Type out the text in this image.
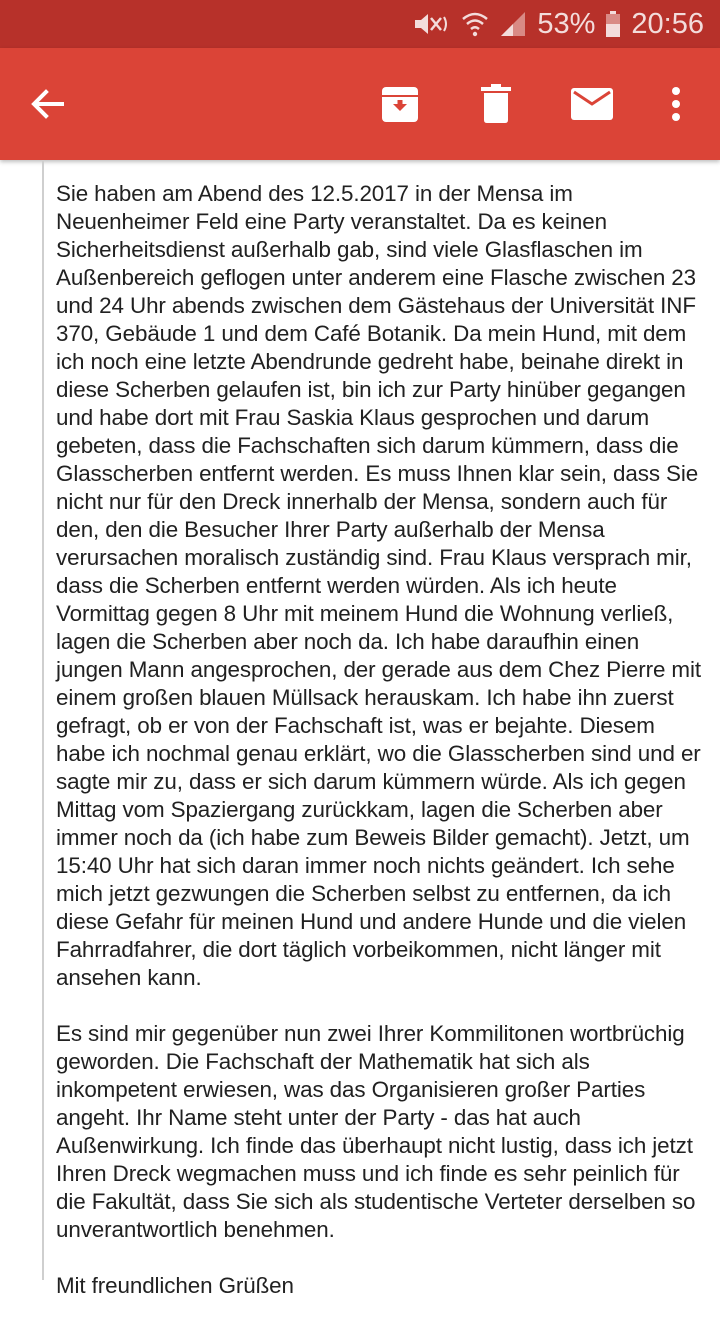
53% 20:56

Sie haben am Abend des 12.5.2017 in der Mensa im
Neuenheimer Feld eine Party veranstaltet. Da es keinen
Sicherheitsdienst außerhalb gab, sind viele Glasflaschen im
Außenbereich geflogen unter anderem eine Flasche zwischen 23
und 24 Uhr abends zwischen dem Gästehaus der Universität INF
370, Gebäude 1 und dem Café Botanik. Da mein Hund, mit dem
ich noch eine letzte Abendrunde gedreht habe, beinahe direkt in
diese Scherben gelaufen ist, bin ich zur Party hinüber gegangen
und habe dort mit Frau Saskia Klaus gesprochen und darum
gebeten, dass die Fachschaften sich darum kümmern, dass die
Glasscherben entfernt werden. Es muss Ihnen klar sein, dass Sie
nicht nur für den Dreck innerhalb der Mensa, sondern auch für
den, den die Besucher Ihrer Party außerhalb der Mensa
verursachen moralisch zuständig sind. Frau Klaus versprach mir,
dass die Scherben entfernt werden würden. Als ich heute
Vormittag gegen 8 Uhr mit meinem Hund die Wohnung verließ,
lagen die Scherben aber noch da. Ich habe daraufhin einen
jungen Mann angesprochen, der gerade aus dem Chez Pierre mit
einem großen blauen Müllsack herauskam. Ich habe ihn zuerst
gefragt, ob er von der Fachschaft ist, was er bejahte. Diesem
habe ich nochmal genau erklärt, wo die Glasscherben sind und er
sagte mir zu, dass er sich darum kümmern würde. Als ich gegen
Mittag vom Spaziergang zurückkam, lagen die Scherben aber
immer noch da (ich habe zum Beweis Bilder gemacht). Jetzt, um
15:40 Uhr hat sich daran immer noch nichts geändert. Ich sehe
mich jetzt gezwungen die Scherben selbst zu entfernen, da ich
diese Gefahr für meinen Hund und andere Hunde und die vielen
Fahrradfahrer, die dort täglich vorbeikommen, nicht länger mit
ansehen kann.

Es sind mir gegenüber nun zwei Ihrer Kommilitonen wortbrüchig
geworden. Die Fachschaft der Mathematik hat sich als
inkompetent erwiesen, was das Organisieren großer Parties
angeht. Ihr Name steht unter der Party - das hat auch
Außenwirkung. Ich finde das überhaupt nicht lustig, dass ich jetzt
Ihren Dreck wegmachen muss und ich finde es sehr peinlich für
die Fakultät, dass Sie sich als studentische Verteter derselben so
unverantwortlich benehmen.

Mit freundlichen Grüßen
